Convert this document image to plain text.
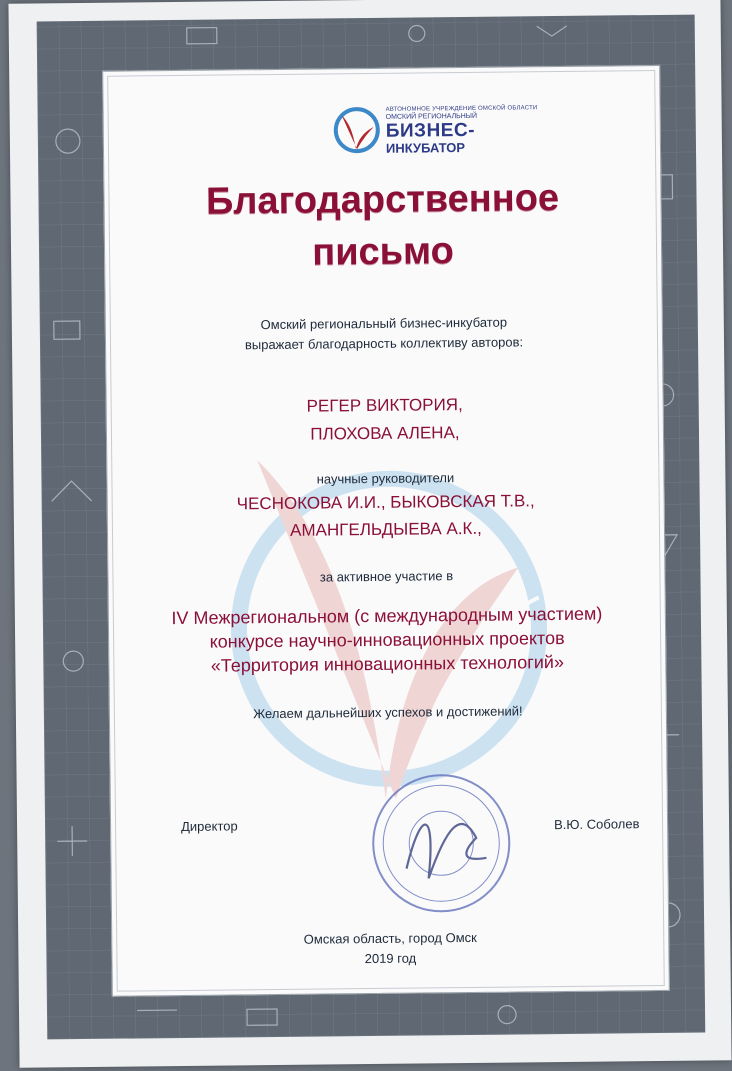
АВТОНОМНОЕ УЧРЕЖДЕНИЕ ОМСКОЙ ОБЛАСТИ
ОМСКИЙ РЕГИОНАЛЬНЫЙ
БИЗНЕС-
ИНКУБАТОР
Благодарственное
письмо
Омский региональный бизнес-инкубатор
выражает благодарность коллективу авторов:
РЕГЕР ВИКТОРИЯ,
ПЛОХОВА АЛЕНА,
научные руководители
ЧЕСНОКОВА И.И., БЫКОВСКАЯ Т.В.,
АМАНГЕЛЬДЫЕВА А.К.,
за активное участие в
IV Межрегиональном (с международным участием)
конкурсе научно-инновационных проектов
«Территория инновационных технологий»
Желаем дальнейших успехов и достижений!
Директор	В.Ю. Соболев
Омская область, город Омск
2019 год
